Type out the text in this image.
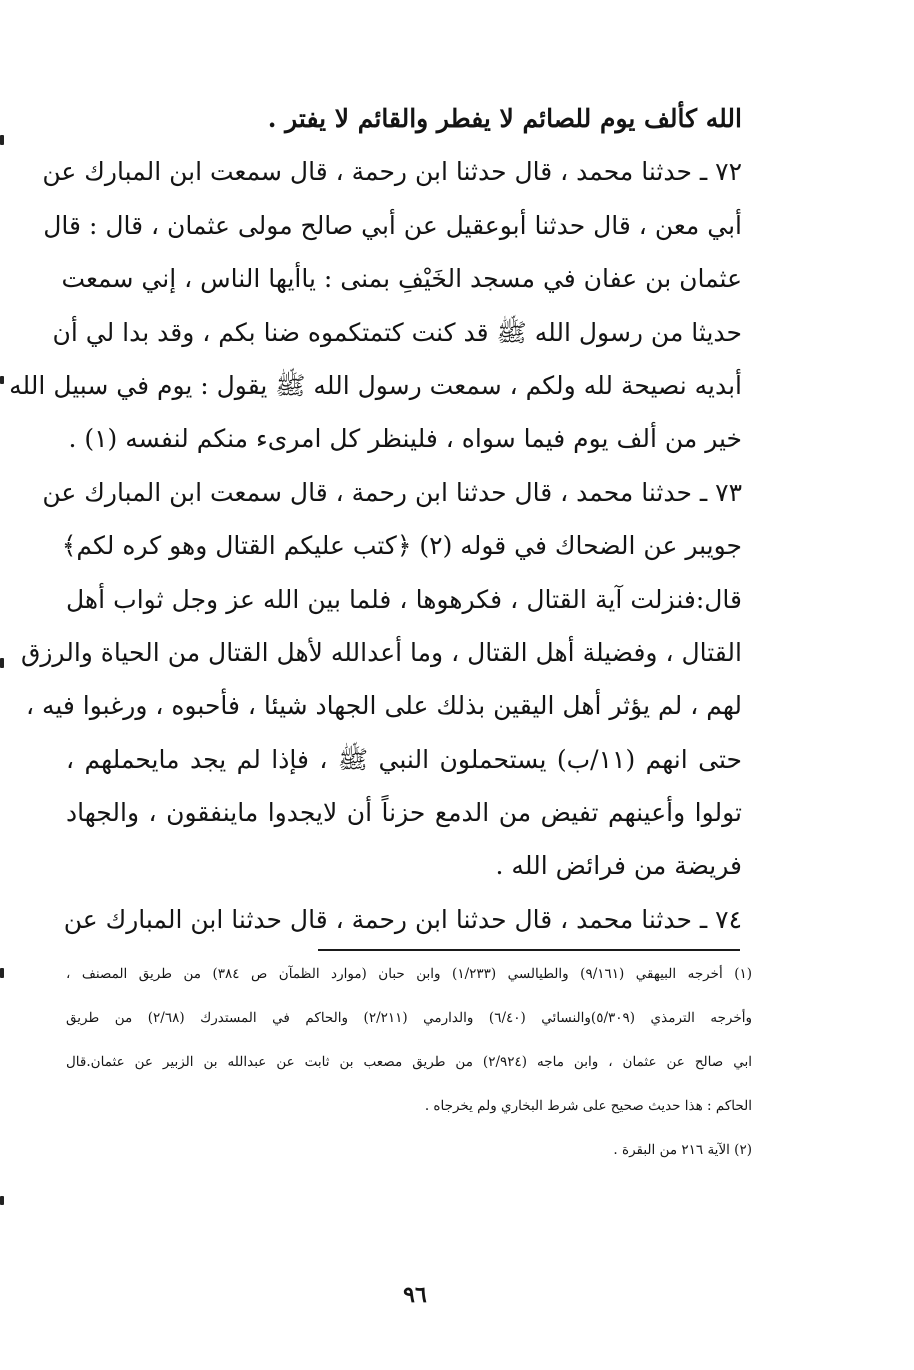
الله كألف يوم للصائم لا يفطر والقائم لا يفتر .
٧٢ ـ حدثنا محمد ، قال حدثنا ابن رحمة ، قال سمعت ابن المبارك عن
أبي معن ، قال حدثنا أبوعقيل عن أبي صالح مولى عثمان ، قال : قال
عثمان بن عفان في مسجد الخَيْفِ بمنى : ياأيها الناس ، إني سمعت
حديثا من رسول الله ﷺ قد كنت كتمتكموه ضنا بكم ، وقد بدا لي أن
أبديه نصيحة لله ولكم ، سمعت رسول الله ﷺ يقول : يوم في سبيل الله
خير من ألف يوم فيما سواه ، فلينظر كل امرىء منكم لنفسه (١) .
٧٣ ـ حدثنا محمد ، قال حدثنا ابن رحمة ، قال سمعت ابن المبارك عن
جويبر عن الضحاك في قوله (٢) ﴿كتب عليكم القتال وهو كره لكم﴾
قال:فنزلت آية القتال ، فكرهوها ، فلما بين الله عز وجل ثواب أهل
القتال ، وفضيلة أهل القتال ، وما أعدالله لأهل القتال من الحياة والرزق
لهم ، لم يؤثر أهل اليقين بذلك على الجهاد شيئا ، فأحبوه ، ورغبوا فيه ،
حتى انهم (١١/ب) يستحملون النبي ﷺ ، فإذا لم يجد مايحملهم ،
تولوا وأعينهم تفيض من الدمع حزناً أن لايجدوا ماينفقون ، والجهاد
فريضة من فرائض الله .
٧٤ ـ حدثنا محمد ، قال حدثنا ابن رحمة ، قال حدثنا ابن المبارك عن
(١) أخرجه البيهقي (٩/١٦١) والطيالسي (١/٢٣٣) وابن حبان (موارد الظمآن ص ٣٨٤) من طريق المصنف ،
وأخرجه الترمذي (٥/٣٠٩)والنسائي (٦/٤٠) والدارمي (٢/٢١١) والحاكم في المستدرك (٢/٦٨) من طريق
ابي صالح عن عثمان ، وابن ماجه (٢/٩٢٤) من طريق مصعب بن ثابت عن عبدالله بن الزبير عن عثمان.قال
الحاكم : هذا حديث صحيح على شرط البخاري ولم يخرجاه .
(٢) الآية ٢١٦ من البقرة .
٩٦
